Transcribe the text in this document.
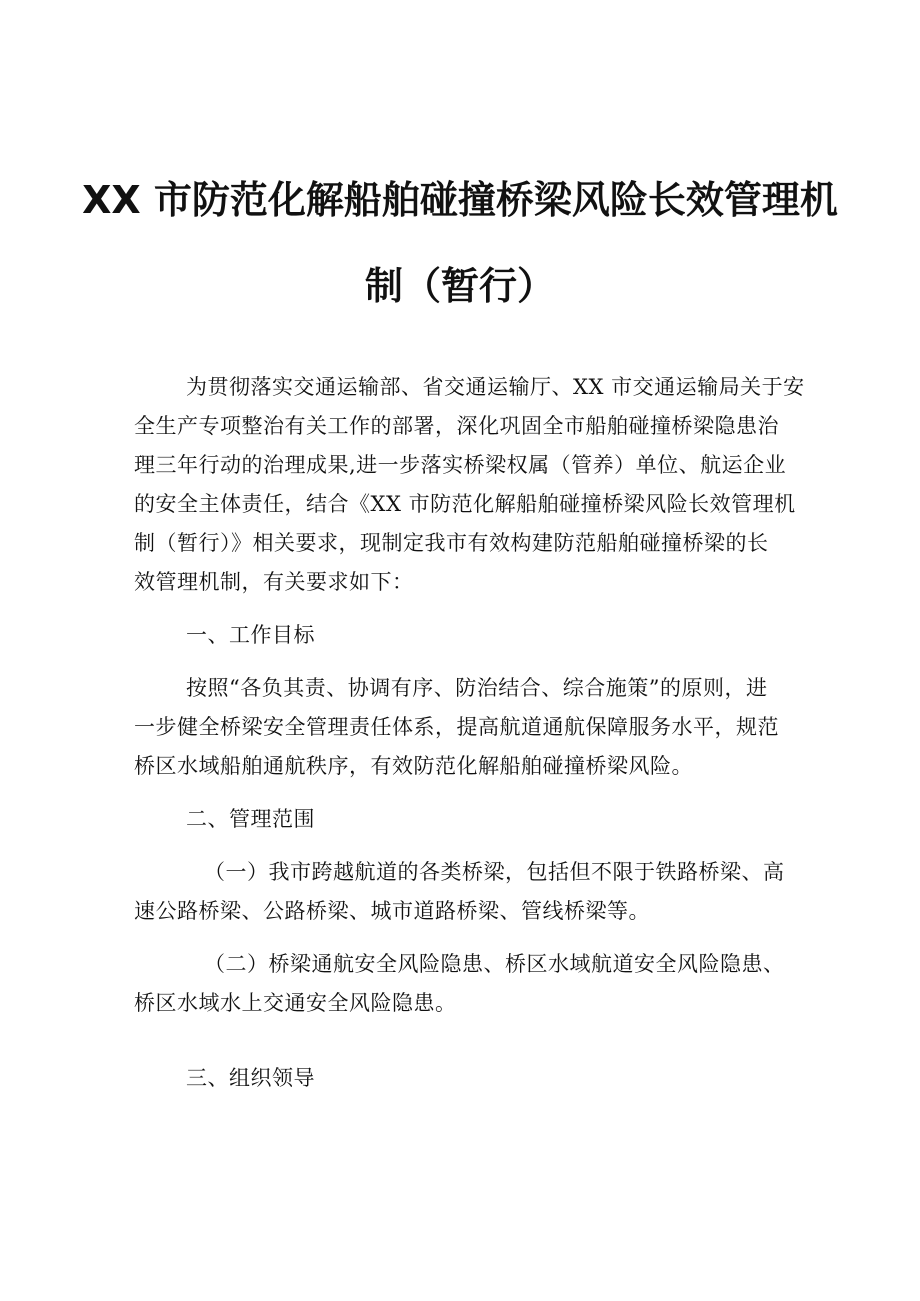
XX 市防范化解船舶碰撞桥梁风险长效管理机
制（暂行）

为贯彻落实交通运输部、省交通运输厅、XX 市交通运输局关于安
全生产专项整治有关工作的部署，深化巩固全市船舶碰撞桥梁隐患治
理三年行动的治理成果,进一步落实桥梁权属（管养）单位、航运企业
的安全主体责任，结合《XX 市防范化解船舶碰撞桥梁风险长效管理机
制（暂行）》相关要求，现制定我市有效构建防范船舶碰撞桥梁的长
效管理机制，有关要求如下：

一、工作目标

按照“各负其责、协调有序、防治结合、综合施策”的原则，进
一步健全桥梁安全管理责任体系，提高航道通航保障服务水平，规范
桥区水域船舶通航秩序，有效防范化解船舶碰撞桥梁风险。

二、管理范围

（一）我市跨越航道的各类桥梁，包括但不限于铁路桥梁、高
速公路桥梁、公路桥梁、城市道路桥梁、管线桥梁等。

（二）桥梁通航安全风险隐患、桥区水域航道安全风险隐患、
桥区水域水上交通安全风险隐患。

三、组织领导
